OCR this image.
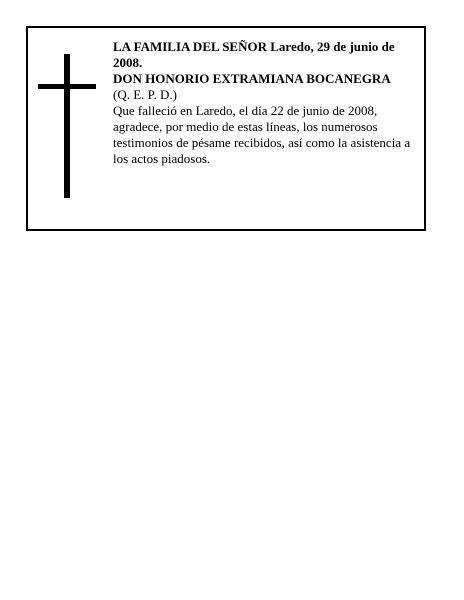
LA FAMILIA DEL SEÑOR Laredo, 29 de junio de 2008.
DON HONORIO EXTRAMIANA BOCANEGRA
(Q. E. P. D.)
Que falleció en Laredo, el día 22 de junio de 2008, agradece, por medio de estas líneas, los numerosos testimonios de pésame recibidos, así como la asistencia a los actos piadosos.
